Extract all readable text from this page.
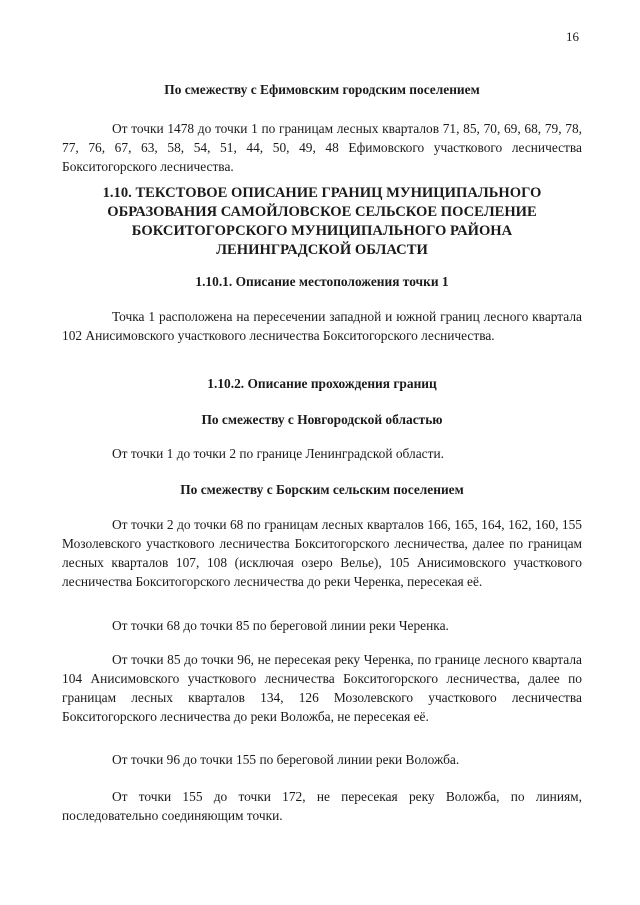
16
По смежеству с Ефимовским городским поселением
От точки 1478 до точки 1 по границам лесных кварталов 71, 85, 70, 69, 68, 79, 78, 77, 76, 67, 63, 58, 54, 51, 44, 50, 49, 48 Ефимовского участкового лесничества Бокситогорского лесничества.
1.10. ТЕКСТОВОЕ ОПИСАНИЕ ГРАНИЦ МУНИЦИПАЛЬНОГО ОБРАЗОВАНИЯ САМОЙЛОВСКОЕ СЕЛЬСКОЕ ПОСЕЛЕНИЕ БОКСИТОГОРСКОГО МУНИЦИПАЛЬНОГО РАЙОНА ЛЕНИНГРАДСКОЙ ОБЛАСТИ
1.10.1. Описание местоположения точки 1
Точка 1 расположена на пересечении западной и южной границ лесного квартала 102 Анисимовского участкового лесничества Бокситогорского лесничества.
1.10.2. Описание прохождения границ
По смежеству с Новгородской областью
От точки 1 до точки 2 по границе Ленинградской области.
По смежеству с Борским сельским поселением
От точки 2 до точки 68 по границам лесных кварталов 166, 165, 164, 162, 160, 155 Мозолевского участкового лесничества Бокситогорского лесничества, далее по границам лесных кварталов 107, 108 (исключая озеро Велье), 105 Анисимовского участкового лесничества Бокситогорского лесничества до реки Черенка, пересекая её.
От точки 68 до точки 85 по береговой линии реки Черенка.
От точки 85 до точки 96, не пересекая реку Черенка, по границе лесного квартала 104 Анисимовского участкового лесничества Бокситогорского лесничества, далее по границам лесных кварталов 134, 126 Мозолевского участкового лесничества Бокситогорского лесничества до реки Воложба, не пересекая её.
От точки 96 до точки 155 по береговой линии реки Воложба.
От точки 155 до точки 172, не пересекая реку Воложба, по линиям, последовательно соединяющим точки.
